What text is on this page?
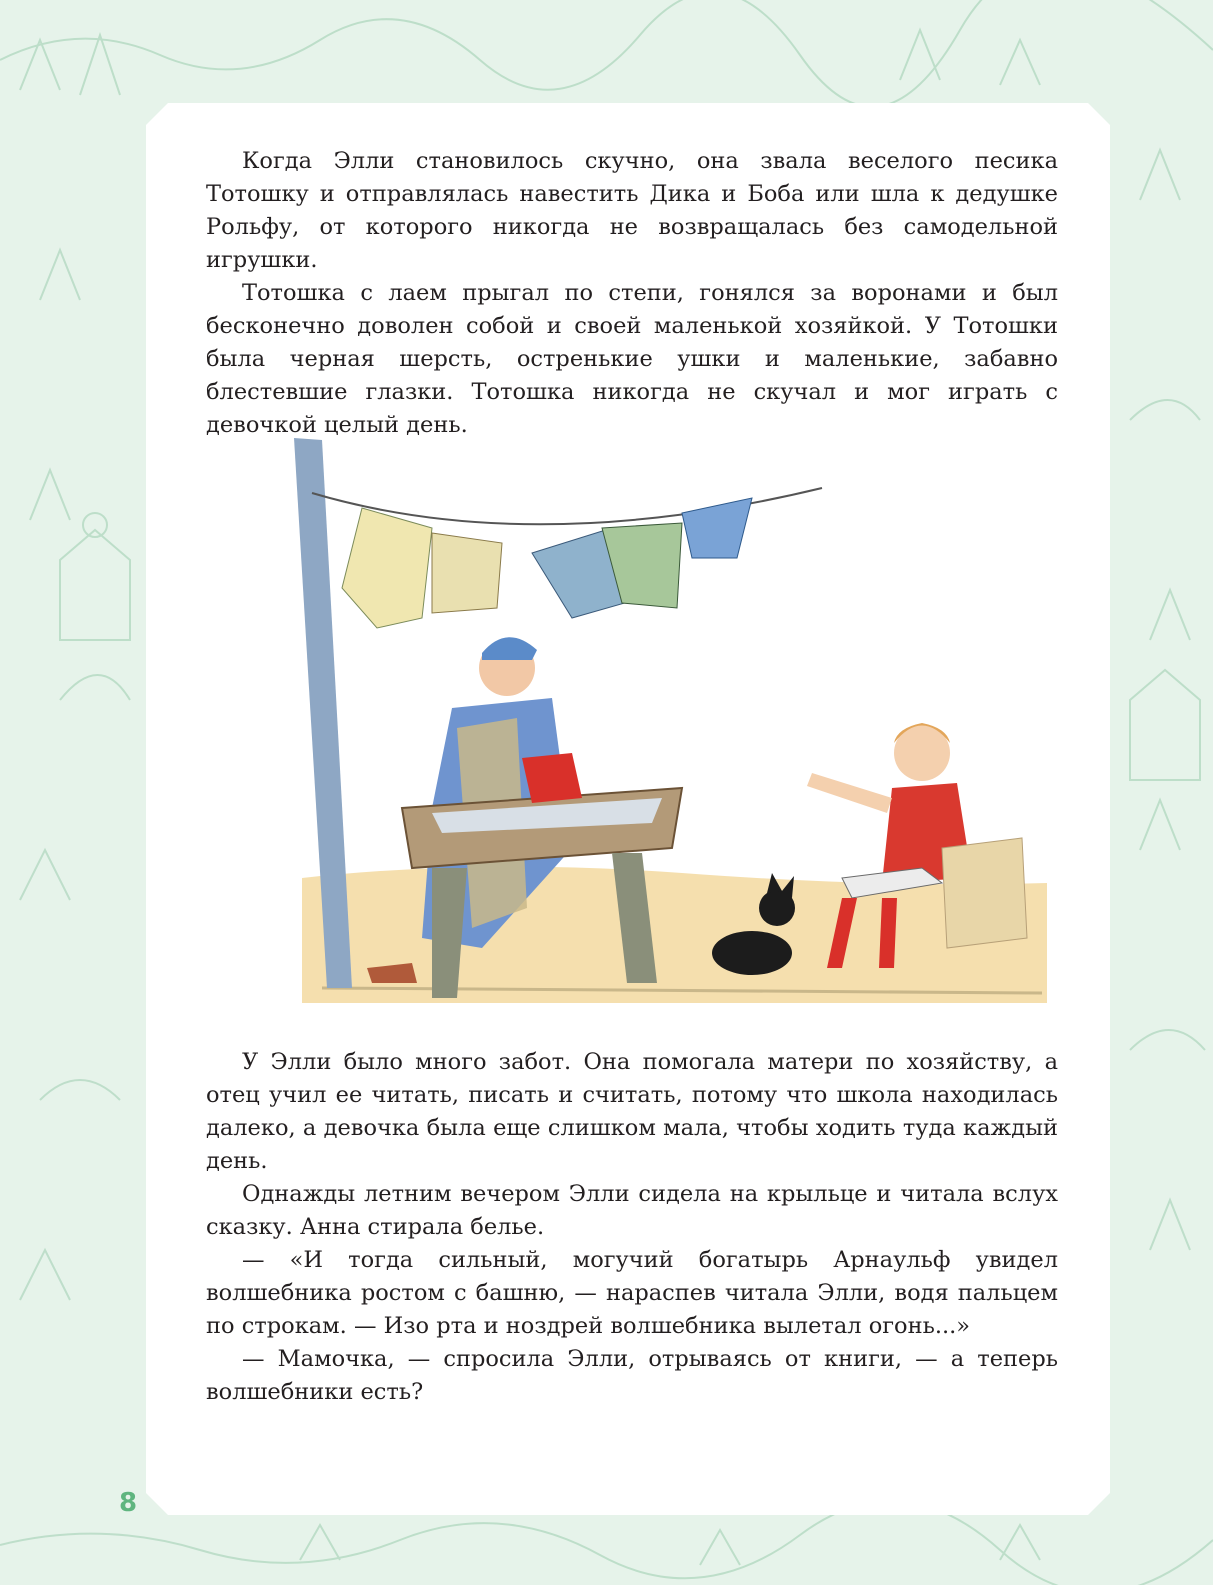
Когда Элли становилось скучно, она звала веселого песика Тотошку и отправлялась навестить Дика и Боба или шла к дедушке Рольфу, от которого никогда не возвращалась без самодельной игрушки.

Тотошка с лаем прыгал по степи, гонялся за воронами и был бесконечно доволен собой и своей маленькой хозяйкой. У Тотошки была черная шерсть, остренькие ушки и маленькие, забавно блестевшие глазки. Тотошка никогда не скучал и мог играть с девочкой целый день.

У Элли было много забот. Она помогала матери по хозяйству, а отец учил ее читать, писать и считать, потому что школа находилась далеко, а девочка была еще слишком мала, чтобы ходить туда каждый день.

Однажды летним вечером Элли сидела на крыльце и читала вслух сказку. Анна стирала белье.

— «И тогда сильный, могучий богатырь Арнаульф увидел волшебника ростом с башню, — нараспев читала Элли, водя пальцем по строкам. — Изо рта и ноздрей волшебника вылетал огонь...»

— Мамочка, — спросила Элли, отрываясь от книги, — а теперь волшебники есть?

8
